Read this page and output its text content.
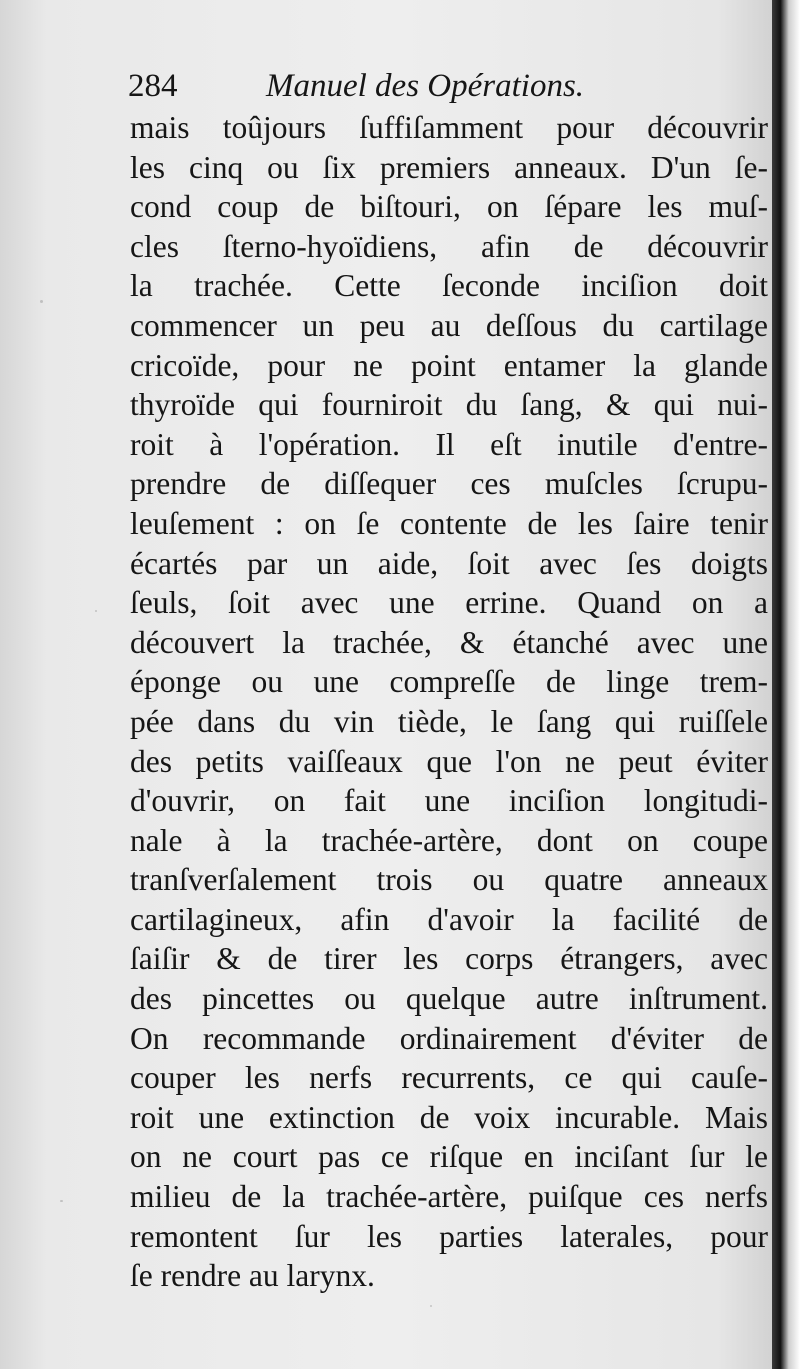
284	Manuel des Opérations.
mais toûjours ſuffiſamment pour découvrir
les cinq ou ſix premiers anneaux. D'un ſe-
cond coup de biſtouri, on ſépare les muſ-
cles ſterno-hyoïdiens, afin de découvrir
la trachée. Cette ſeconde inciſion doit
commencer un peu au deſſous du cartilage
cricoïde, pour ne point entamer la glande
thyroïde qui fourniroit du ſang, & qui nui-
roit à l'opération. Il eſt inutile d'entre-
prendre de diſſequer ces muſcles ſcrupu-
leuſement : on ſe contente de les ſaire tenir
écartés par un aide, ſoit avec ſes doigts
ſeuls, ſoit avec une errine. Quand on a
découvert la trachée, & étanché avec une
éponge ou une compreſſe de linge trem-
pée dans du vin tiède, le ſang qui ruiſſele
des petits vaiſſeaux que l'on ne peut éviter
d'ouvrir, on fait une inciſion longitudi-
nale à la trachée-artère, dont on coupe
tranſverſalement trois ou quatre anneaux
cartilagineux, afin d'avoir la facilité de
ſaiſir & de tirer les corps étrangers, avec
des pincettes ou quelque autre inſtrument.
On recommande ordinairement d'éviter de
couper les nerfs recurrents, ce qui cauſe-
roit une extinction de voix incurable. Mais
on ne court pas ce riſque en inciſant ſur le
milieu de la trachée-artère, puiſque ces nerfs
remontent ſur les parties laterales, pour
ſe rendre au larynx.
